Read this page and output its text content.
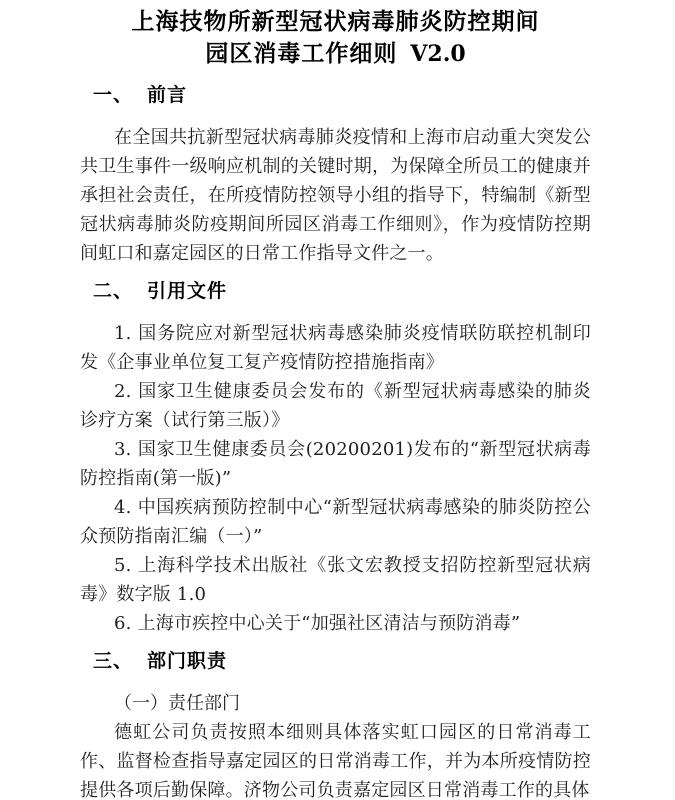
上海技物所新型冠状病毒肺炎防控期间
园区消毒工作细则 V2.0
一、 前言

在全国共抗新型冠状病毒肺炎疫情和上海市启动重大突发公共卫生事件一级响应机制的关键时期，为保障全所员工的健康并承担社会责任，在所疫情防控领导小组的指导下，特编制《新型冠状病毒肺炎防疫期间所园区消毒工作细则》，作为疫情防控期间虹口和嘉定园区的日常工作指导文件之一。

二、 引用文件

1. 国务院应对新型冠状病毒感染肺炎疫情联防联控机制印发《企事业单位复工复产疫情防控措施指南》

2. 国家卫生健康委员会发布的《新型冠状病毒感染的肺炎诊疗方案（试行第三版）》

3. 国家卫生健康委员会(20200201)发布的“新型冠状病毒防控指南(第一版)”

4. 中国疾病预防控制中心“新型冠状病毒感染的肺炎防控公众预防指南汇编（一）”

5. 上海科学技术出版社《张文宏教授支招防控新型冠状病毒》数字版 1.0

6. 上海市疾控中心关于“加强社区清洁与预防消毒”

三、 部门职责

（一）责任部门

德虹公司负责按照本细则具体落实虹口园区的日常消毒工作、监督检查指导嘉定园区的日常消毒工作，并为本所疫情防控提供各项后勤保障。济物公司负责嘉定园区日常消毒工作的具体
